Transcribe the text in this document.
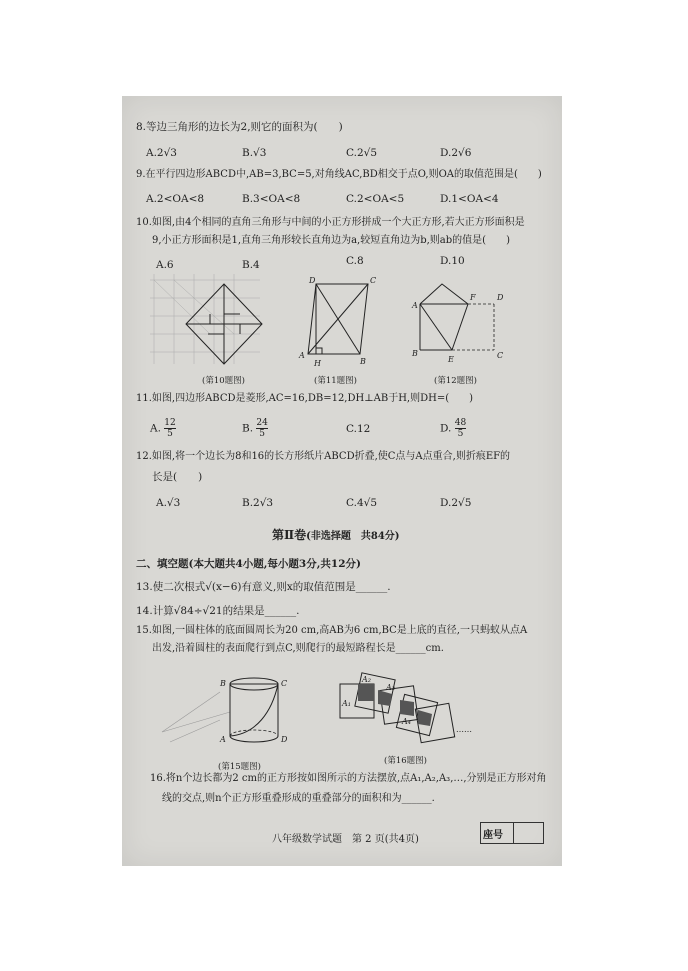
8.等边三角形的边长为2,则它的面积为(　　)
A.2√3	B.√3	C.2√5	D.2√6
9.在平行四边形ABCD中,AB=3,BC=5,对角线AC,BD相交于点O,则OA的取值范围是(　　)
A.2<OA<8	B.3<OA<8	C.2<OA<5	D.1<OA<4
10.如图,由4个相同的直角三角形与中间的小正方形拼成一个大正方形,若大正方形面积是
9,小正方形面积是1,直角三角形较长直角边为a,较短直角边为b,则ab的值是(　　)
A.6	B.4	C.8	D.10
(第10题图)
D	C
A
H	B
(第11题图)
A
F	D
B
E	C
(第12题图)
11.如图,四边形ABCD是菱形,AC=16,DB=12,DH⊥AB于H,则DH=(　　)
A. $\frac{12}{5}$	B. $\frac{24}{5}$	C.12	D. $\frac{48}{5}$
12.如图,将一个边长为8和16的长方形纸片ABCD折叠,使C点与A点重合,则折痕EF的
长是(　　)
A.√3	B.2√3	C.4√5	D.2√5
第Ⅱ卷(非选择题　共84分)
二、填空题(本大题共4小题,每小题3分,共12分)
13.使二次根式√(x−6)有意义,则x的取值范围是______.
14.计算√84÷√21的结果是______.
15.如图,一圆柱体的底面圆周长为20 cm,高AB为6 cm,BC是上底的直径,一只蚂蚁从点A
出发,沿着圆柱的表面爬行到点C,则爬行的最短路程长是______cm.
B	C
A	D
(第15题图)
A₁
A₂
A₃
A₄
……
(第16题图)
16.将n个边长都为2 cm的正方形按如图所示的方法摆放,点A₁,A₂,A₃,…,分别是正方形对角
线的交点,则n个正方形重叠形成的重叠部分的面积和为______.
八年级数学试题　第 2 页(共4页)	座号
